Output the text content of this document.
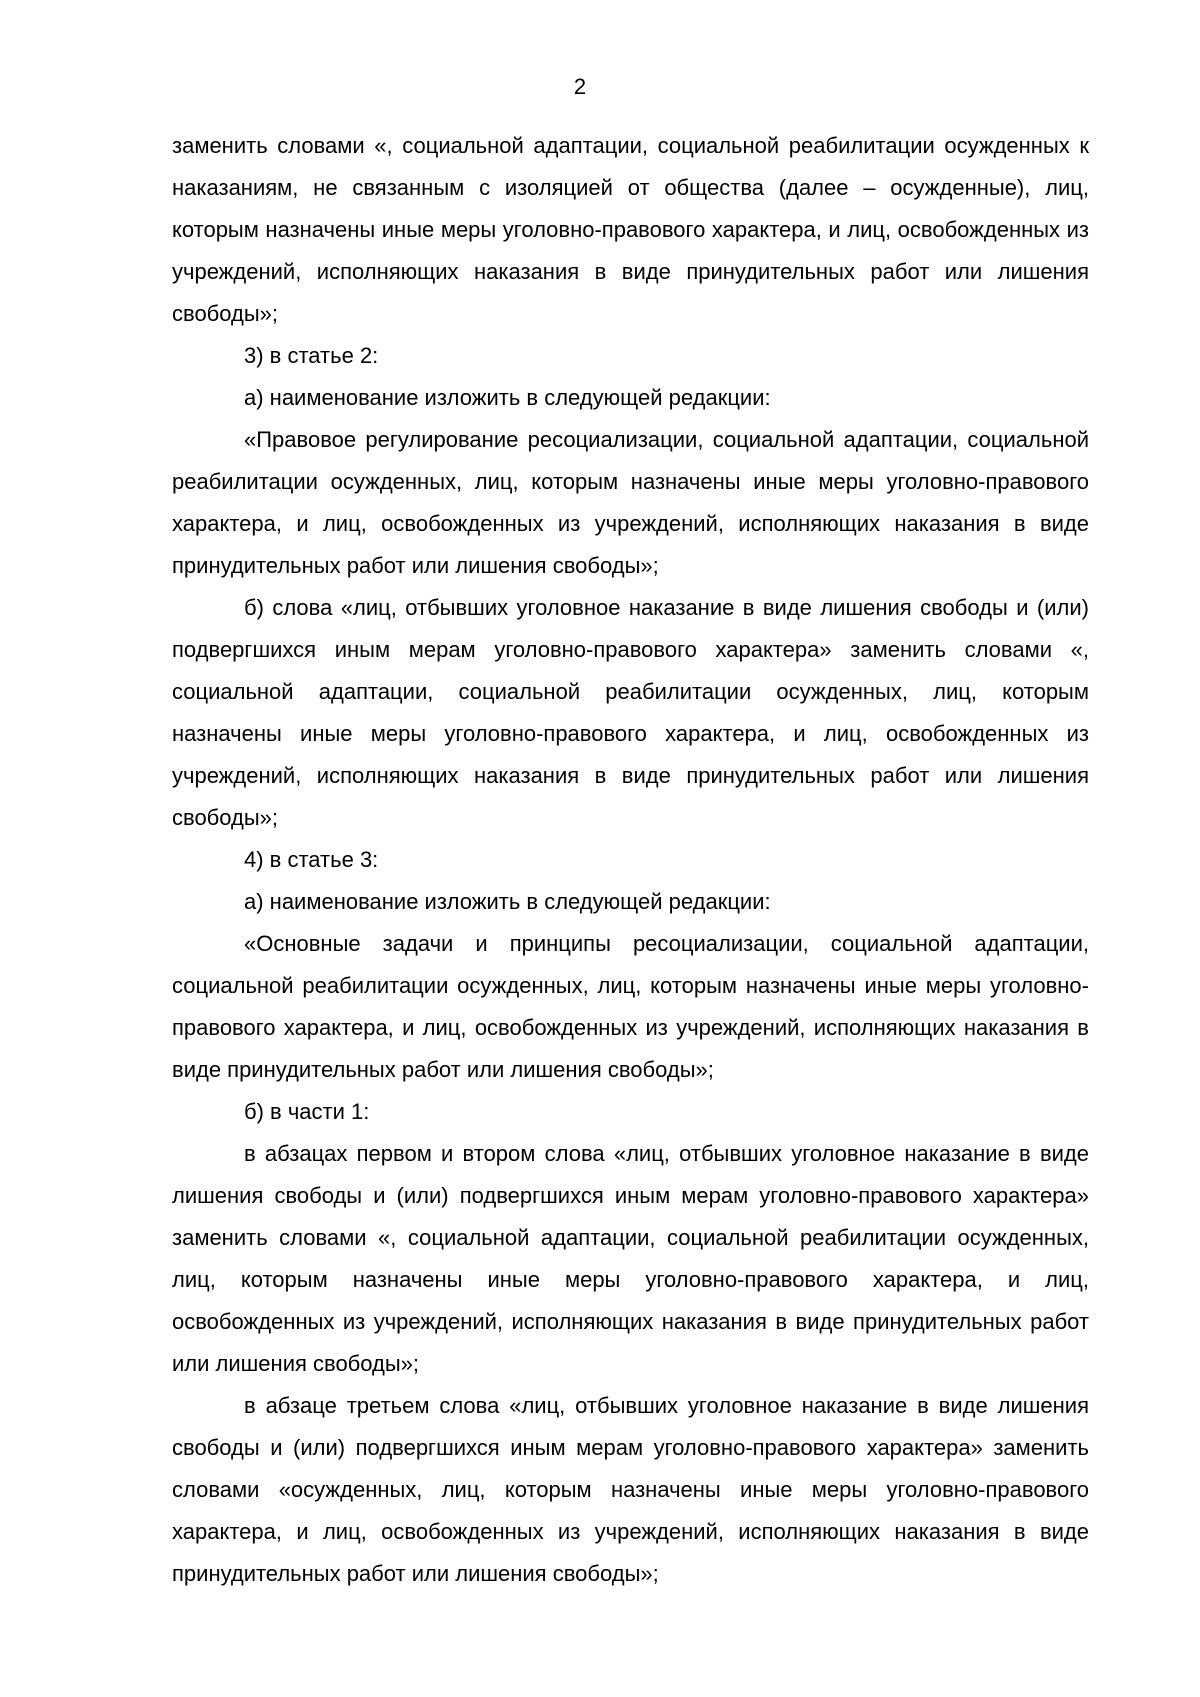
2

заменить словами «, социальной адаптации, социальной реабилитации осужденных к наказаниям, не связанным с изоляцией от общества (далее – осужденные), лиц, которым назначены иные меры уголовно-правового характера, и лиц, освобожденных из учреждений, исполняющих наказания в виде принудительных работ или лишения свободы»;

3) в статье 2:

а) наименование изложить в следующей редакции:

«Правовое регулирование ресоциализации, социальной адаптации, социальной реабилитации осужденных, лиц, которым назначены иные меры уголовно-правового характера, и лиц, освобожденных из учреждений, исполняющих наказания в виде принудительных работ или лишения свободы»;

б) слова «лиц, отбывших уголовное наказание в виде лишения свободы и (или) подвергшихся иным мерам уголовно-правового характера» заменить словами «, социальной адаптации, социальной реабилитации осужденных, лиц, которым назначены иные меры уголовно-правового характера, и лиц, освобожденных из учреждений, исполняющих наказания в виде принудительных работ или лишения свободы»;

4) в статье 3:

а) наименование изложить в следующей редакции:

«Основные задачи и принципы ресоциализации, социальной адаптации, социальной реабилитации осужденных, лиц, которым назначены иные меры уголовно-правового характера, и лиц, освобожденных из учреждений, исполняющих наказания в виде принудительных работ или лишения свободы»;

б) в части 1:

в абзацах первом и втором слова «лиц, отбывших уголовное наказание в виде лишения свободы и (или) подвергшихся иным мерам уголовно-правового характера» заменить словами «, социальной адаптации, социальной реабилитации осужденных, лиц, которым назначены иные меры уголовно-правового характера, и лиц, освобожденных из учреждений, исполняющих наказания в виде принудительных работ или лишения свободы»;

в абзаце третьем слова «лиц, отбывших уголовное наказание в виде лишения свободы и (или) подвергшихся иным мерам уголовно-правового характера» заменить словами «осужденных, лиц, которым назначены иные меры уголовно-правового характера, и лиц, освобожденных из учреждений, исполняющих наказания в виде принудительных работ или лишения свободы»;
